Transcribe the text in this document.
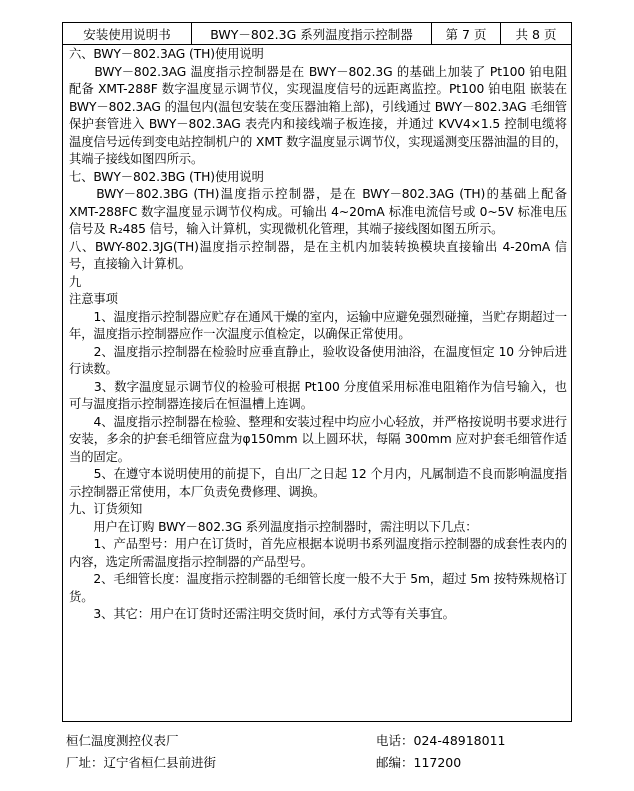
安装使用说明书	BWY－802.3G 系列温度指示控制器	第 7 页	共 8 页

六、BWY－802.3AG (TH)使用说明

　　BWY－802.3AG 温度指示控制器是在 BWY－802.3G 的基础上加装了 Pt100 铂电阻配备 XMT-288F 数字温度显示调节仪，实现温度信号的远距离监控。Pt100 铂电阻 嵌装在 BWY－802.3AG 的温包内(温包安装在变压器油箱上部)，引线通过 BWY－802.3AG 毛细管保护套管进入 BWY－802.3AG 表壳内和接线端子板连接，并通过 KVV4×1.5 控制电缆将温度信号远传到变电站控制机户的 XMT 数字温度显示调节仪，实现遥测变压器油温的目的，其端子接线如图四所示。

七、BWY－802.3BG (TH)使用说明

　　BWY－802.3BG (TH)温度指示控制器，是在 BWY－802.3AG (TH)的基础上配备 XMT-288FC 数字温度显示调节仪构成。可输出 4~20mA 标准电流信号或 0~5V 标准电压信号及 R₂485 信号，输入计算机，实现微机化管理，其端子接线图如图五所示。

八、BWY-802.3JG(TH)温度指示控制器，是在主机内加装转换模块直接输出 4-20mA 信号，直接输入计算机。

九

注意事项

　　1、温度指示控制器应贮存在通风干燥的室内，运输中应避免强烈碰撞，当贮存期超过一年，温度指示控制器应作一次温度示值检定，以确保正常使用。

　　2、温度指示控制器在检验时应垂直静止，验收设备使用油浴，在温度恒定 10 分钟后进行读数。

　　3、数字温度显示调节仪的检验可根据 Pt100 分度值采用标准电阻箱作为信号输入，也可与温度指示控制器连接后在恒温槽上连调。

　　4、温度指示控制器在检验、整理和安装过程中均应小心轻放，并严格按说明书要求进行安装，多余的护套毛细管应盘为φ150mm 以上圆环状，每隔 300mm 应对护套毛细管作适当的固定。

　　5、在遵守本说明使用的前提下，自出厂之日起 12 个月内，凡属制造不良而影响温度指示控制器正常使用，本厂负责免费修理、调换。

九、订货须知

　　用户在订购 BWY－802.3G 系列温度指示控制器时，需注明以下几点：

　　1、产品型号：用户在订货时，首先应根据本说明书系列温度指示控制器的成套性表内的内容，选定所需温度指示控制器的产品型号。

　　2、毛细管长度：温度指示控制器的毛细管长度一般不大于 5m，超过 5m 按特殊规格订货。

　　3、其它：用户在订货时还需注明交货时间，承付方式等有关事宜。

桓仁温度测控仪表厂	电话：024-48918011
厂址：辽宁省桓仁县前进街	邮编：117200
